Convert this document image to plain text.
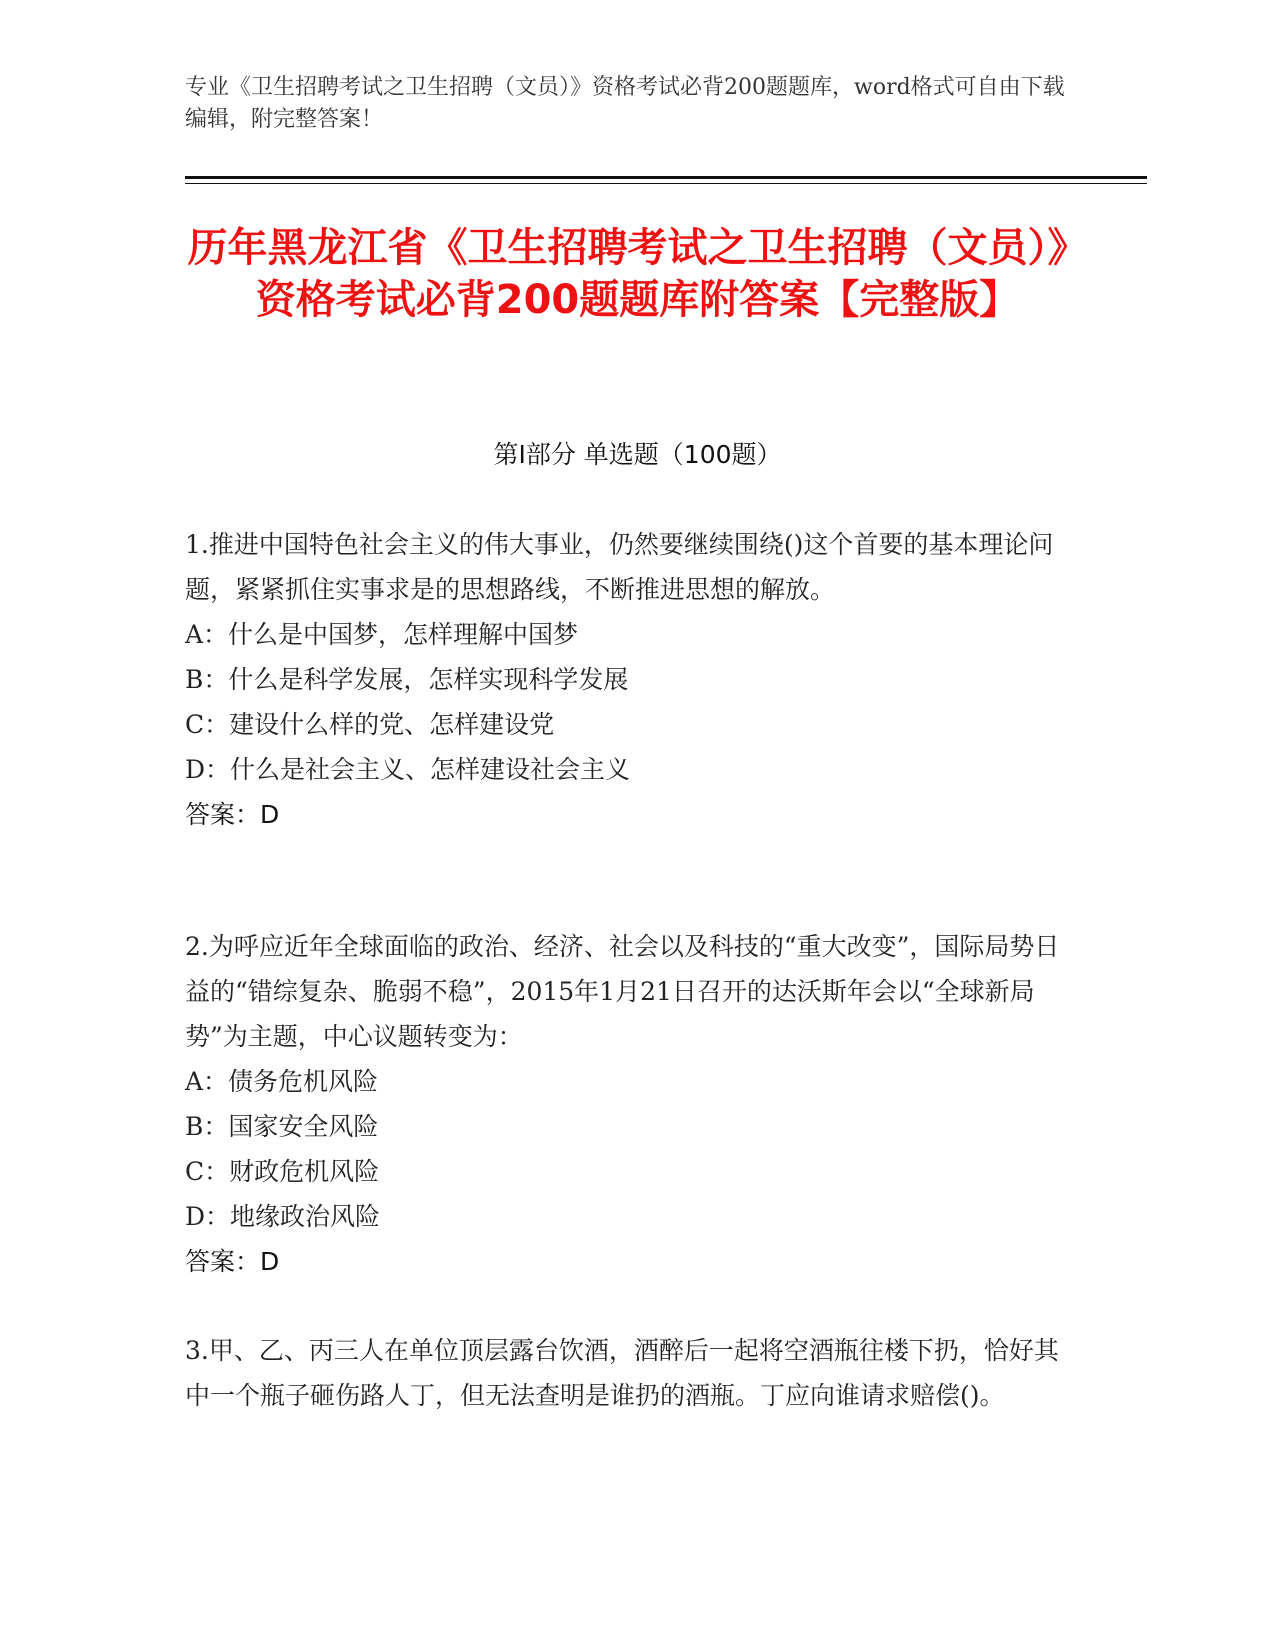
专业《卫生招聘考试之卫生招聘（文员）》资格考试必背200题题库，word格式可自由下载编辑，附完整答案！
历年黑龙江省《卫生招聘考试之卫生招聘（文员）》资格考试必背200题题库附答案【完整版】
第I部分 单选题（100题）

1.推进中国特色社会主义的伟大事业，仍然要继续围绕()这个首要的基本理论问题，紧紧抓住实事求是的思想路线，不断推进思想的解放。

A：什么是中国梦，怎样理解中国梦

B：什么是科学发展，怎样实现科学发展

C：建设什么样的党、怎样建设党

D：什么是社会主义、怎样建设社会主义

答案：D

2.为呼应近年全球面临的政治、经济、社会以及科技的“重大改变”，国际局势日益的“错综复杂、脆弱不稳”，2015年1月21日召开的达沃斯年会以“全球新局势”为主题，中心议题转变为：

A：债务危机风险

B：国家安全风险

C：财政危机风险

D：地缘政治风险

答案：D

3.甲、乙、丙三人在单位顶层露台饮酒，酒醉后一起将空酒瓶往楼下扔，恰好其中一个瓶子砸伤路人丁，但无法查明是谁扔的酒瓶。丁应向谁请求赔偿()。
